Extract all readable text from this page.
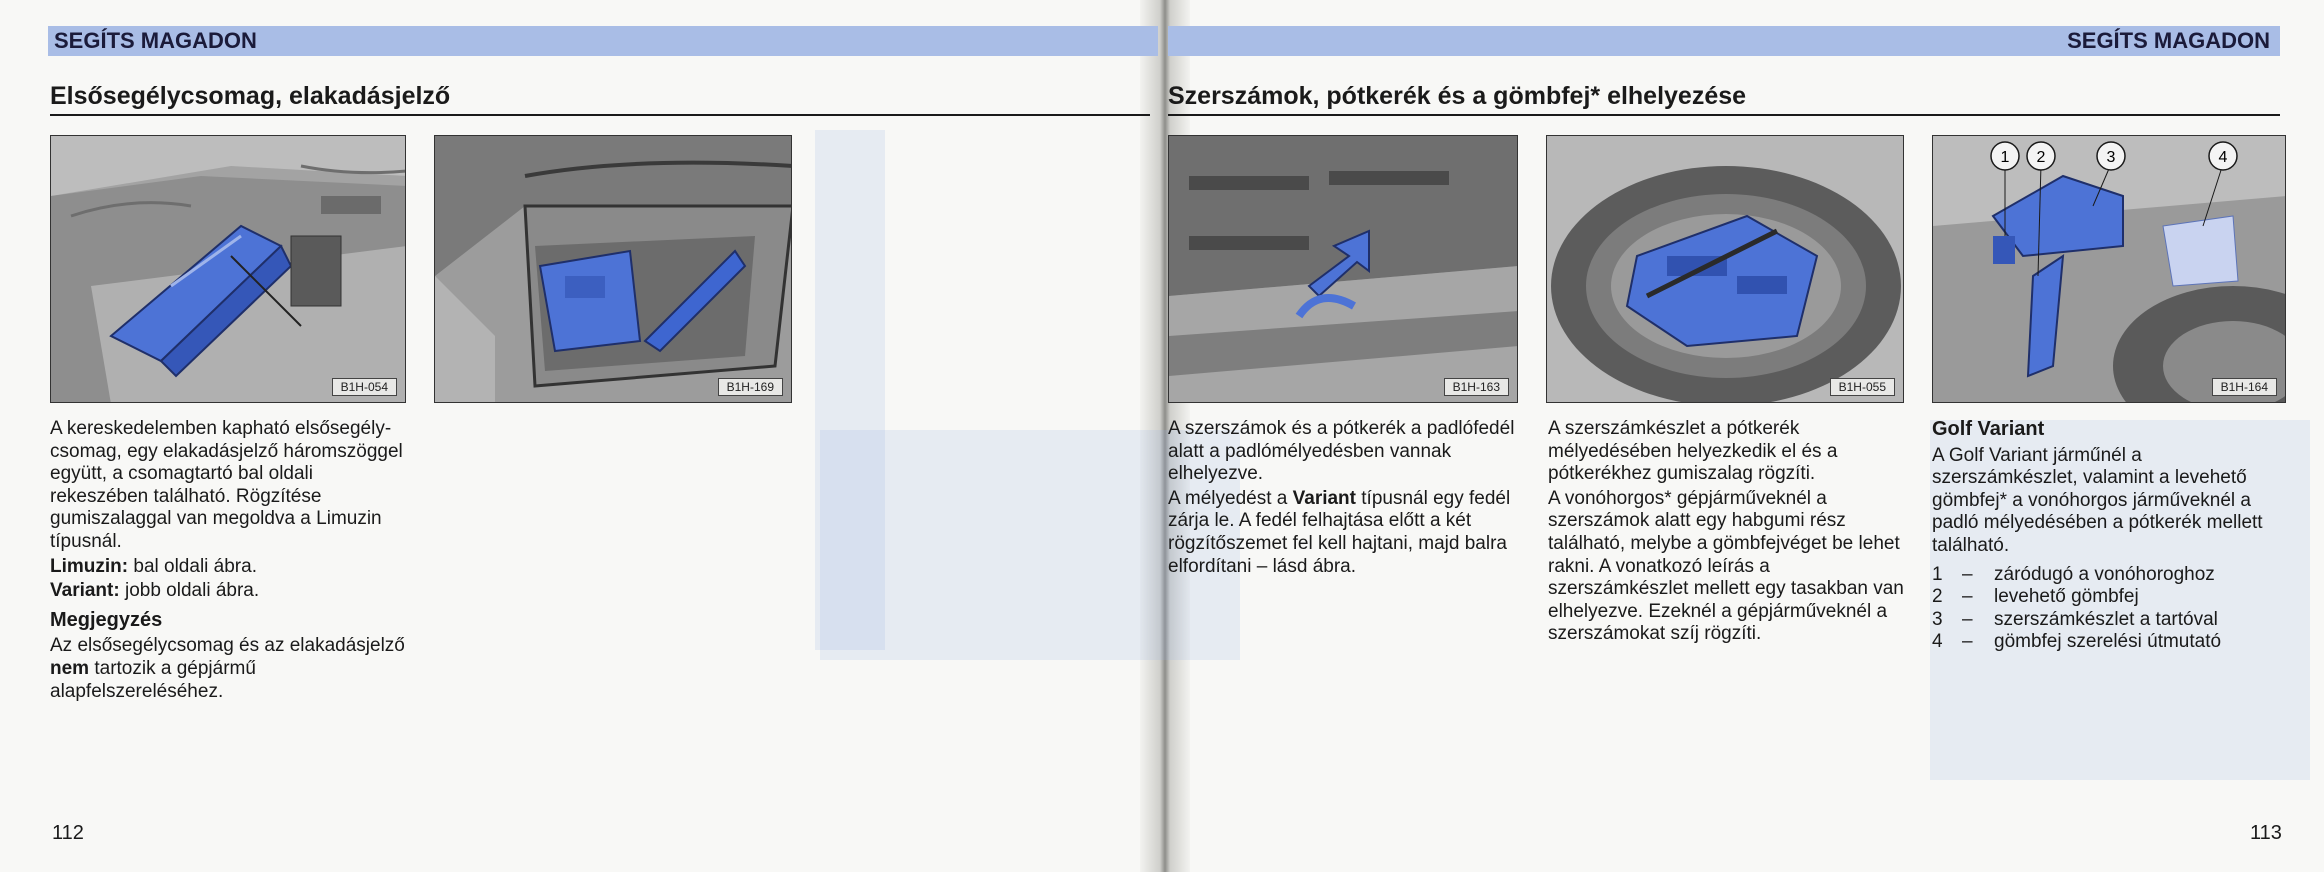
SEGÍTS MAGADON	SEGÍTS MAGADON
Elsősegélycsomag, elakadásjelző	Szerszámok, pótkerék és a gömbfej* elhelyezése
B1H-054	B1H-169

A kereskedelemben kapható elsősegély-csomag, egy elakadásjelző háromszöggel együtt, a csomagtartó bal oldali rekeszében található. Rögzítése gumiszalaggal van megoldva a Limuzin típusnál.

Limuzin: bal oldali ábra.

Variant: jobb oldali ábra.

Megjegyzés

Az elsősegélycsomag és az elakadásjelző nem tartozik a gépjármű alapfelszereléséhez.

112
B1H-163	B1H-055
1 2	3	4
B1H-164

A szerszámok és a pótkerék a padlófedél alatt a padlómélyedésben vannak elhelyezve.

A mélyedést a Variant típusnál egy fedél zárja le. A fedél felhajtása előtt a két rögzítőszemet fel kell hajtani, majd balra elfordítani – lásd ábra.

A szerszámkészlet a pótkerék mélyedésében helyezkedik el és a pótkerékhez gumiszalag rögzíti.

A vonóhorgos* gépjárműveknél a szerszámok alatt egy habgumi rész található, melybe a gömbfejvéget be lehet rakni. A vonatkozó leírás a szerszámkészlet mellett egy tasakban van elhelyezve. Ezeknél a gépjárműveknél a szerszámokat szíj rögzíti.

Golf Variant

A Golf Variant járműnél a szerszámkészlet, valamint a levehető gömbfej* a vonóhorgos járműveknél a padló mélyedésében a pótkerék mellett található.

1	–	záródugó a vonóhoroghoz
2	–	levehető gömbfej
3	–	szerszámkészlet a tartóval
4	–	gömbfej szerelési útmutató
113
